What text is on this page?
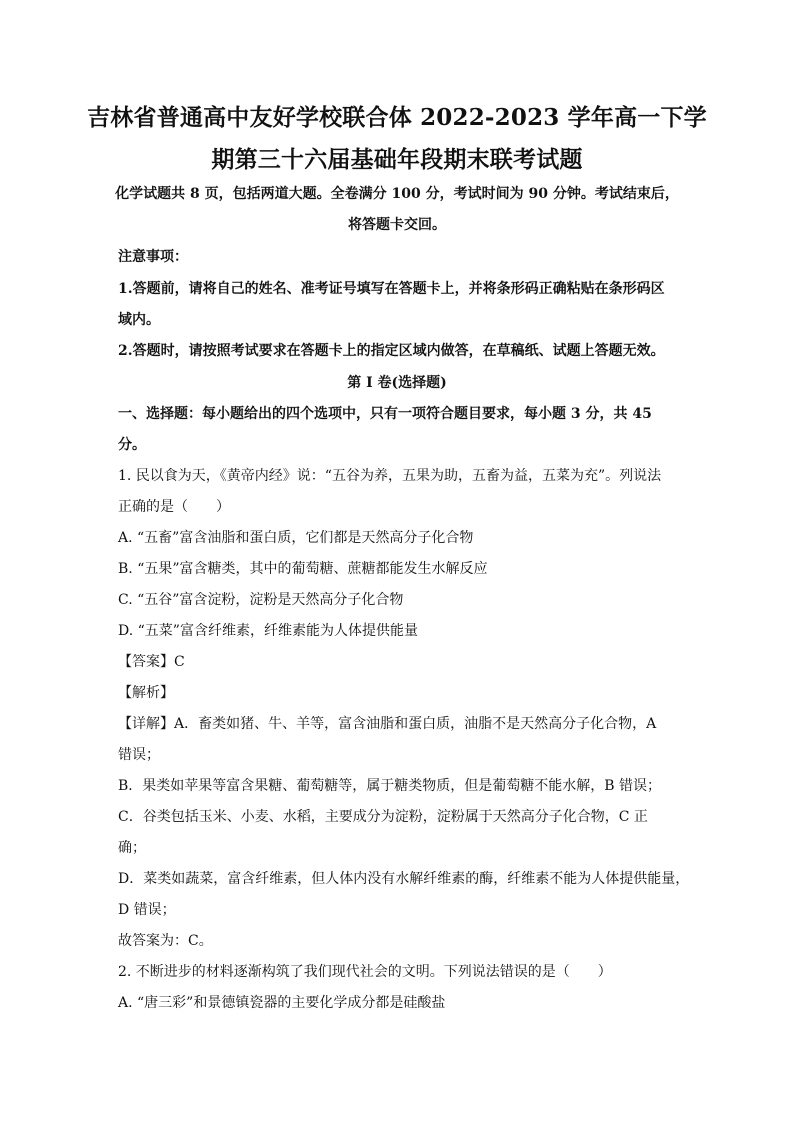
吉林省普通高中友好学校联合体 2022-2023 学年高一下学
期第三十六届基础年段期末联考试题
化学试题共 8 页，包括两道大题。全卷满分 100 分，考试时间为 90 分钟。考试结束后，
将答题卡交回。
注意事项：
1.答题前，请将自己的姓名、准考证号填写在答题卡上，并将条形码正确粘贴在条形码区
域内。
2.答题时，请按照考试要求在答题卡上的指定区域内做答，在草稿纸、试题上答题无效。
第 I 卷(选择题)
一、选择题：每小题给出的四个选项中，只有一项符合题目要求，每小题 3 分，共 45
分。
1. 民以食为天，《黄帝内经》说：“五谷为养，五果为助，五畜为益，五菜为充”。列说法
正确的是（　　）
A. “五畜”富含油脂和蛋白质，它们都是天然高分子化合物
B. “五果”富含糖类，其中的葡萄糖、蔗糖都能发生水解反应
C. “五谷”富含淀粉，淀粉是天然高分子化合物
D. “五菜”富含纤维素，纤维素能为人体提供能量
【答案】C
【解析】
【详解】A．畜类如猪、牛、羊等，富含油脂和蛋白质，油脂不是天然高分子化合物，A
错误；
B．果类如苹果等富含果糖、葡萄糖等，属于糖类物质，但是葡萄糖不能水解，B 错误；
C．谷类包括玉米、小麦、水稻，主要成分为淀粉，淀粉属于天然高分子化合物，C 正
确；
D．菜类如蔬菜，富含纤维素，但人体内没有水解纤维素的酶，纤维素不能为人体提供能量，
D 错误；
故答案为：C。
2. 不断进步的材料逐渐构筑了我们现代社会的文明。下列说法错误的是（　　）
A. “唐三彩”和景德镇瓷器的主要化学成分都是硅酸盐
